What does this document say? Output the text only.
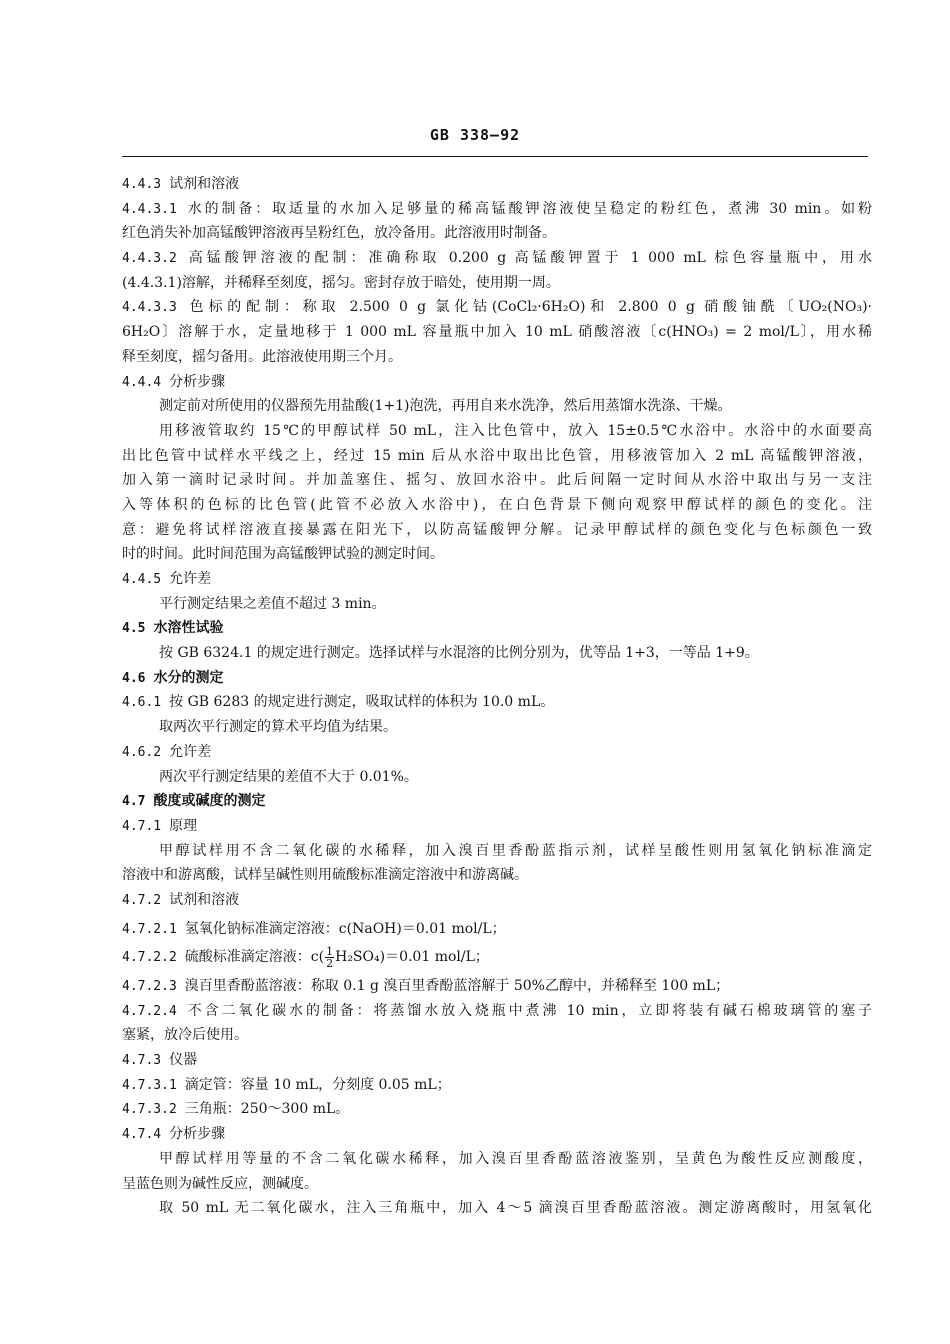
GB 338—92
4.4.3 试剂和溶液
4.4.3.1 水的制备：取适量的水加入足够量的稀高锰酸钾溶液使呈稳定的粉红色，煮沸 30 min。如粉
红色消失补加高锰酸钾溶液再呈粉红色，放冷备用。此溶液用时制备。
4.4.3.2 高锰酸钾溶液的配制：准确称取 0.200 g 高锰酸钾置于 1 000 mL 棕色容量瓶中，用水
(4.4.3.1)溶解，并稀释至刻度，摇匀。密封存放于暗处，使用期一周。
4.4.3.3 色标的配制：称取 2.500 0 g 氯化钴(CoCl₂·6H₂O)和 2.800 0 g 硝酸铀酰〔UO₂(NO₃)·
6H₂O〕溶解于水，定量地移于 1 000 mL 容量瓶中加入 10 mL 硝酸溶液〔c(HNO₃) = 2 mol/L〕，用水稀
释至刻度，摇匀备用。此溶液使用期三个月。
4.4.4 分析步骤
测定前对所使用的仪器预先用盐酸(1+1)泡洗，再用自来水洗净，然后用蒸馏水洗涤、干燥。
用移液管取约 15℃的甲醇试样 50 mL，注入比色管中，放入 15±0.5℃水浴中。水浴中的水面要高
出比色管中试样水平线之上，经过 15 min 后从水浴中取出比色管，用移液管加入 2 mL 高锰酸钾溶液，
加入第一滴时记录时间。并加盖塞住、摇匀、放回水浴中。此后间隔一定时间从水浴中取出与另一支注
入等体积的色标的比色管(此管不必放入水浴中)，在白色背景下侧向观察甲醇试样的颜色的变化。注
意：避免将试样溶液直接暴露在阳光下，以防高锰酸钾分解。记录甲醇试样的颜色变化与色标颜色一致
时的时间。此时间范围为高锰酸钾试验的测定时间。
4.4.5 允许差
平行测定结果之差值不超过 3 min。
4.5 水溶性试验
按 GB 6324.1 的规定进行测定。选择试样与水混溶的比例分别为，优等品 1+3，一等品 1+9。
4.6 水分的测定
4.6.1 按 GB 6283 的规定进行测定，吸取试样的体积为 10.0 mL。
取两次平行测定的算术平均值为结果。
4.6.2 允许差
两次平行测定结果的差值不大于 0.01%。
4.7 酸度或碱度的测定
4.7.1 原理
甲醇试样用不含二氧化碳的水稀释，加入溴百里香酚蓝指示剂，试样呈酸性则用氢氧化钠标准滴定
溶液中和游离酸，试样呈碱性则用硫酸标准滴定溶液中和游离碱。
4.7.2 试剂和溶液
4.7.2.1 氢氧化钠标准滴定溶液：c(NaOH)＝0.01 mol/L；
4.7.2.2 硫酸标准滴定溶液：$c( \frac{1}{2} H_2SO_4)=0.01$ mol/L；
4.7.2.3 溴百里香酚蓝溶液：称取 0.1 g 溴百里香酚蓝溶解于 50%乙醇中，并稀释至 100 mL；
4.7.2.4 不含二氧化碳水的制备：将蒸馏水放入烧瓶中煮沸 10 min，立即将装有碱石棉玻璃管的塞子
塞紧，放冷后使用。
4.7.3 仪器
4.7.3.1 滴定管：容量 10 mL，分刻度 0.05 mL；
4.7.3.2 三角瓶：250～300 mL。
4.7.4 分析步骤
甲醇试样用等量的不含二氧化碳水稀释，加入溴百里香酚蓝溶液鉴别，呈黄色为酸性反应测酸度，
呈蓝色则为碱性反应，测碱度。
取 50 mL 无二氧化碳水，注入三角瓶中，加入 4～5 滴溴百里香酚蓝溶液。测定游离酸时，用氢氧化
